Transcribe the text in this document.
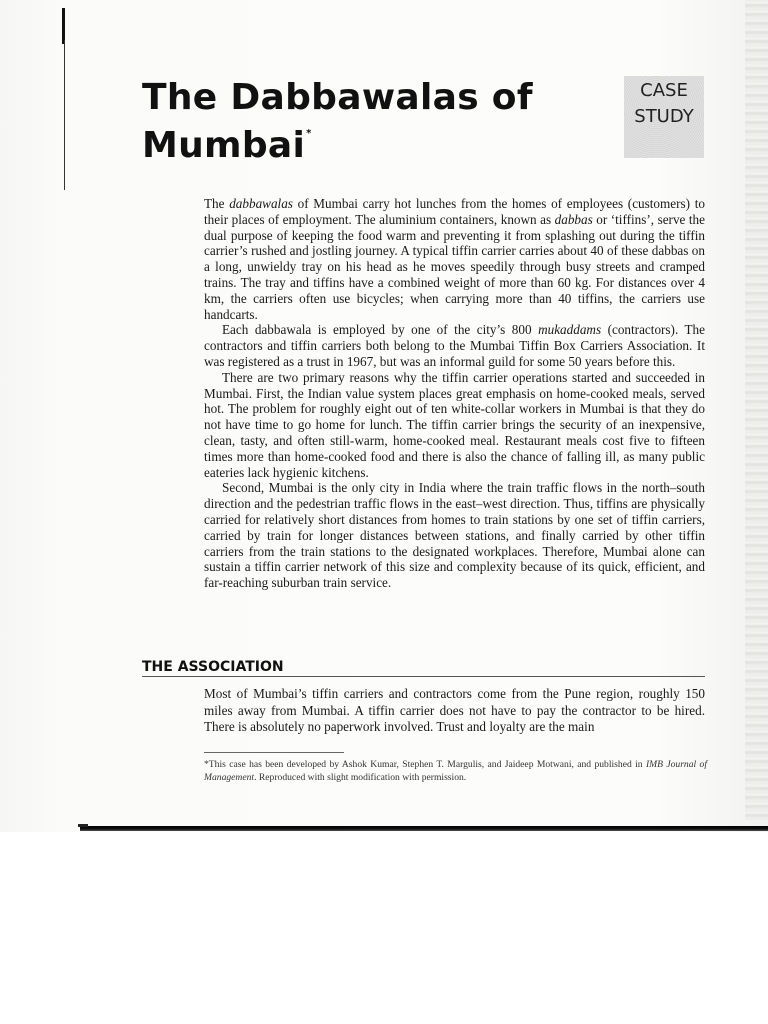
The Dabbawalas of
Mumbai*
CASE
STUDY

The dabbawalas of Mumbai carry hot lunches from the homes of employees (customers) to their places of employment. The aluminium containers, known as dabbas or ‘tiffins’, serve the dual purpose of keeping the food warm and preventing it from splashing out during the tiffin carrier’s rushed and jostling journey. A typical tiffin carrier carries about 40 of these dabbas on a long, unwieldy tray on his head as he moves speedily through busy streets and cramped trains. The tray and tiffins have a combined weight of more than 60 kg. For distances over 4 km, the carriers often use bicycles; when carrying more than 40 tiffins, the carriers use handcarts.

Each dabbawala is employed by one of the city’s 800 mukaddams (contractors). The contractors and tiffin carriers both belong to the Mumbai Tiffin Box Carriers Association. It was registered as a trust in 1967, but was an informal guild for some 50 years before this.

There are two primary reasons why the tiffin carrier operations started and succeeded in Mumbai. First, the Indian value system places great emphasis on home-cooked meals, served hot. The problem for roughly eight out of ten white-collar workers in Mumbai is that they do not have time to go home for lunch. The tiffin carrier brings the security of an inexpensive, clean, tasty, and often still-warm, home-cooked meal. Restaurant meals cost five to fifteen times more than home-cooked food and there is also the chance of falling ill, as many public eateries lack hygienic kitchens.

Second, Mumbai is the only city in India where the train traffic flows in the north–south direction and the pedestrian traffic flows in the east–west direction. Thus, tiffins are physically carried for relatively short distances from homes to train stations by one set of tiffin carriers, carried by train for longer distances between stations, and finally carried by other tiffin carriers from the train stations to the designated workplaces. Therefore, Mumbai alone can sustain a tiffin carrier network of this size and complexity because of its quick, efficient, and far-reaching suburban train service.

THE ASSOCIATION

Most of Mumbai’s tiffin carriers and contractors come from the Pune region, roughly 150 miles away from Mumbai. A tiffin carrier does not have to pay the contractor to be hired. There is absolutely no paperwork involved. Trust and loyalty are the main

*This case has been developed by Ashok Kumar, Stephen T. Margulis, and Jaideep Motwani, and published in IMB Journal of Management. Reproduced with slight modification with permission.
